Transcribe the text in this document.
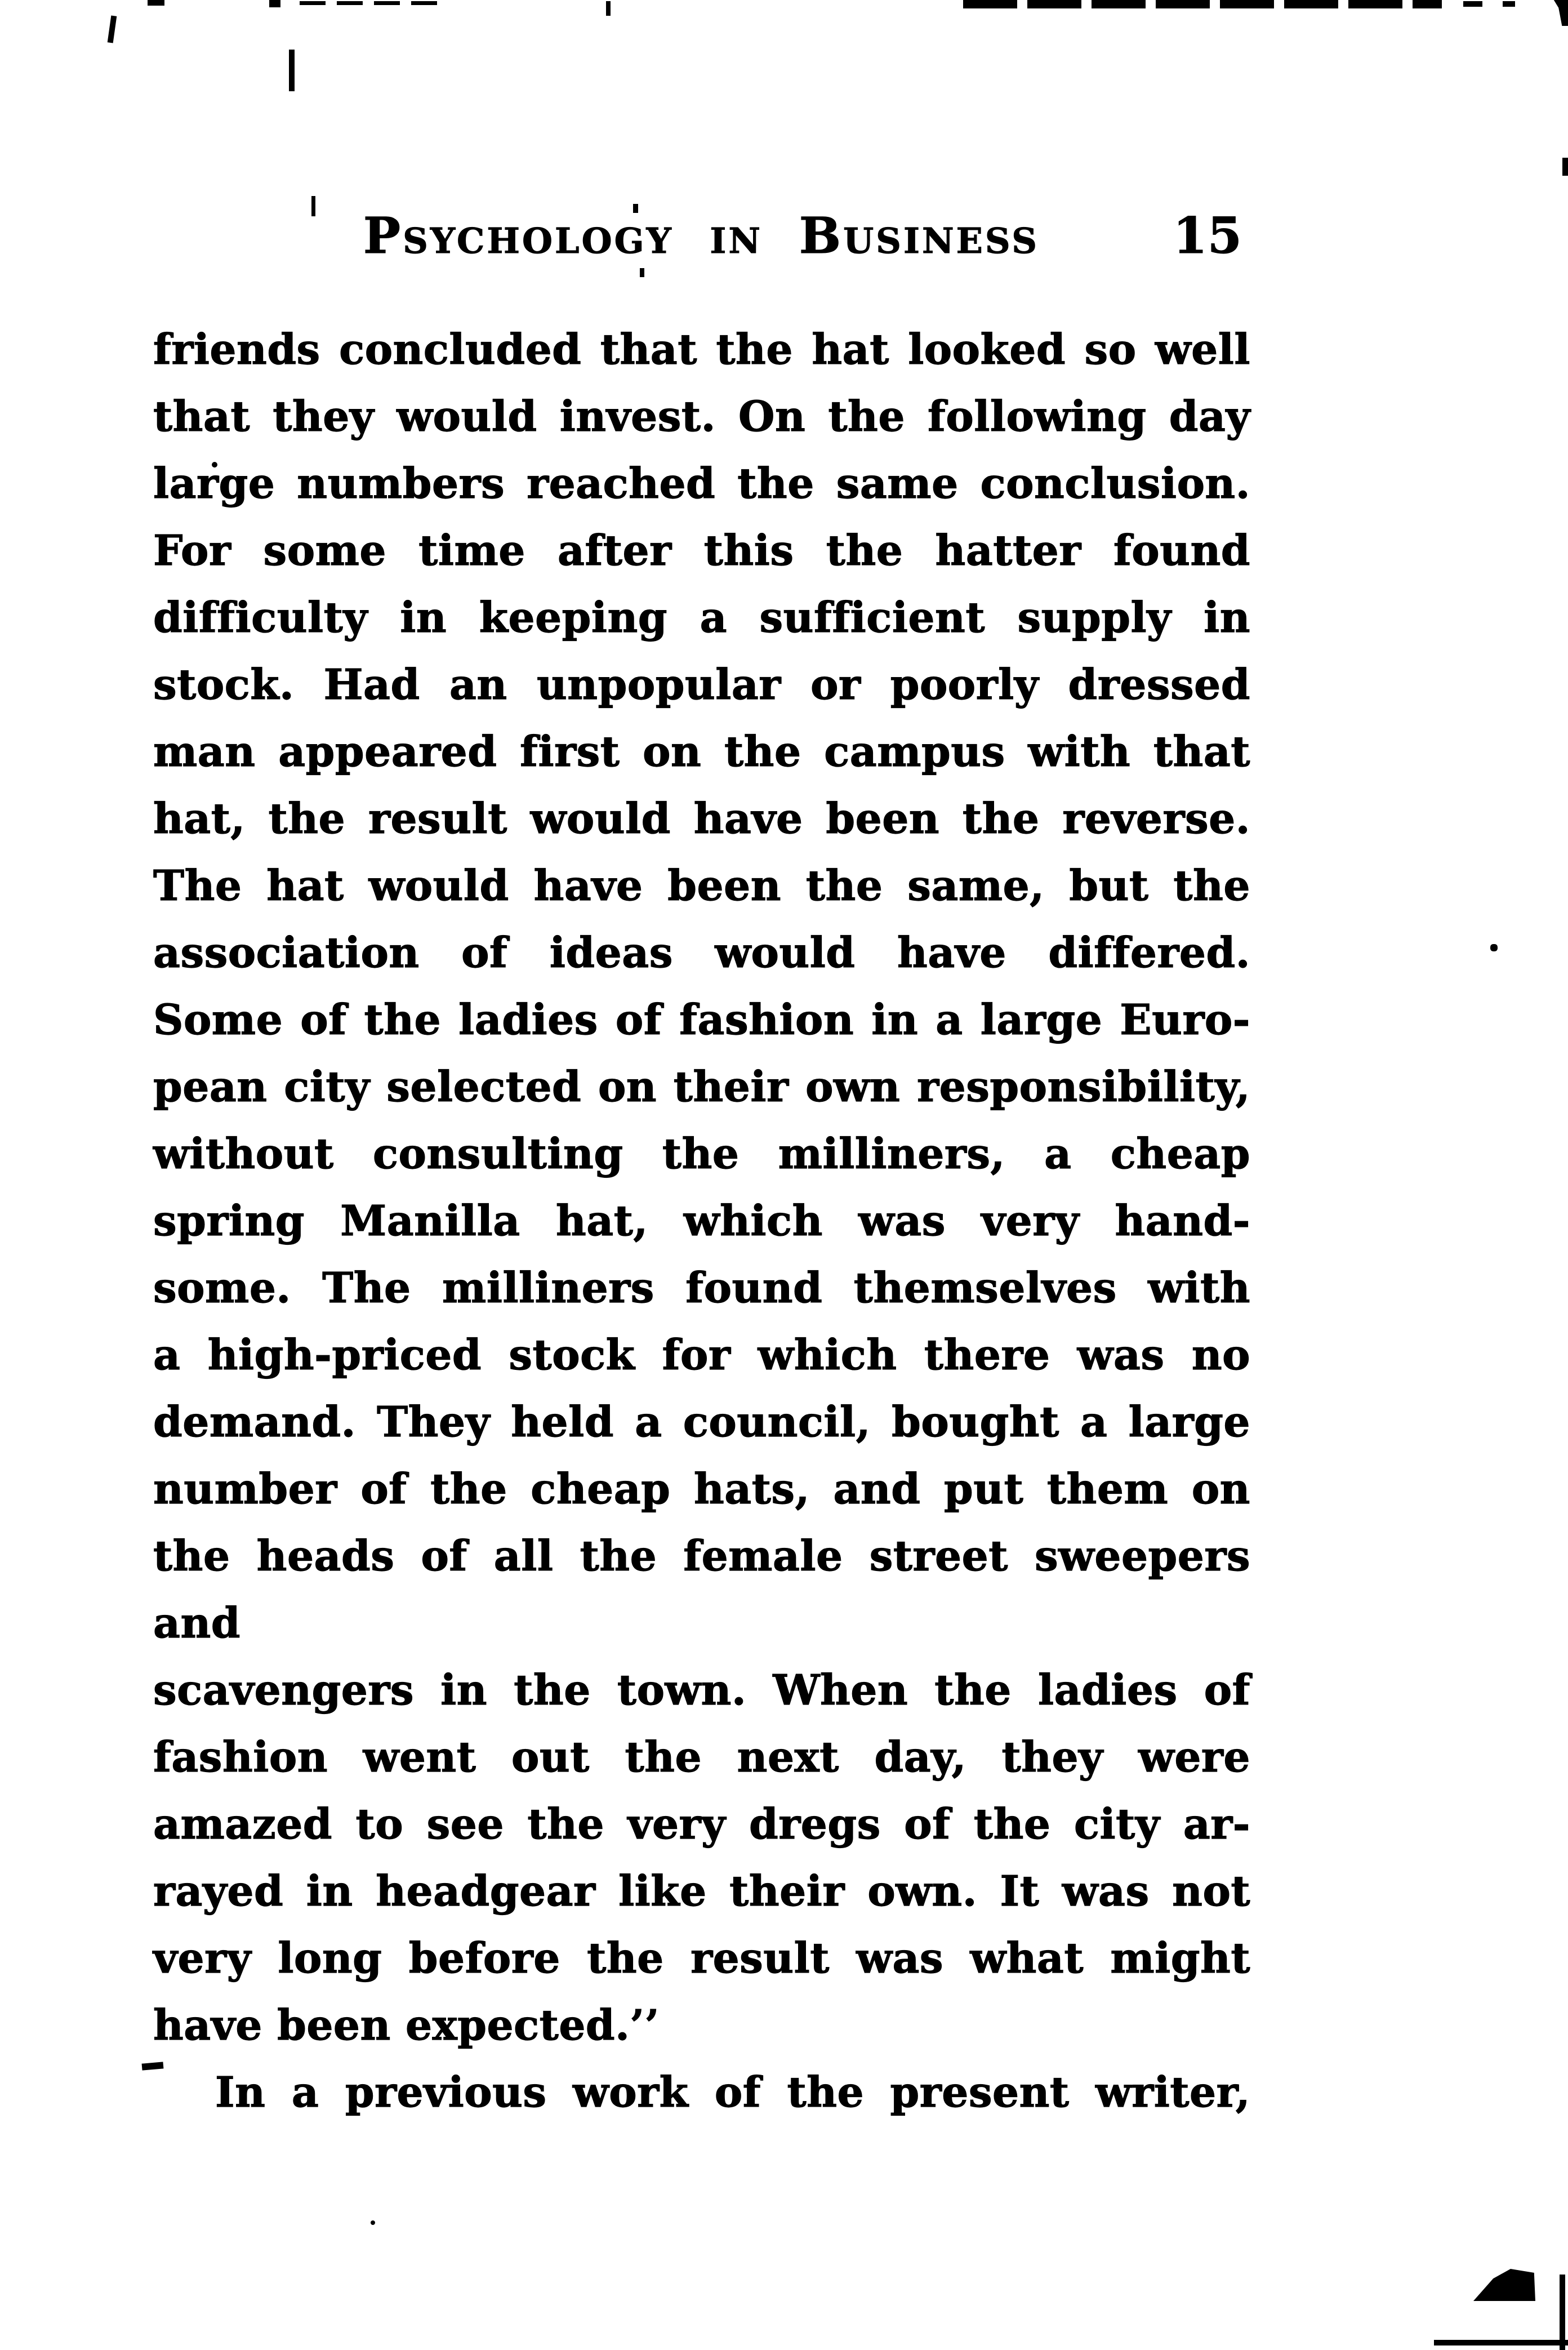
Psychology in Business	15
friends concluded that the hat looked so well
that they would invest. On the following day
large numbers reached the same conclusion.
For some time after this the hatter found
difficulty in keeping a sufficient supply in
stock. Had an unpopular or poorly dressed
man appeared first on the campus with that
hat, the result would have been the reverse.
The hat would have been the same, but the
association of ideas would have differed.
Some of the ladies of fashion in a large Euro-
pean city selected on their own responsibility,
without consulting the milliners, a cheap
spring Manilla hat, which was very hand-
some. The milliners found themselves with
a high-priced stock for which there was no
demand. They held a council, bought a large
number of the cheap hats, and put them on
the heads of all the female street sweepers and
scavengers in the town. When the ladies of
fashion went out the next day, they were
amazed to see the very dregs of the city ar-
rayed in headgear like their own. It was not
very long before the result was what might
have been expected.’’
In a previous work of the present writer,
